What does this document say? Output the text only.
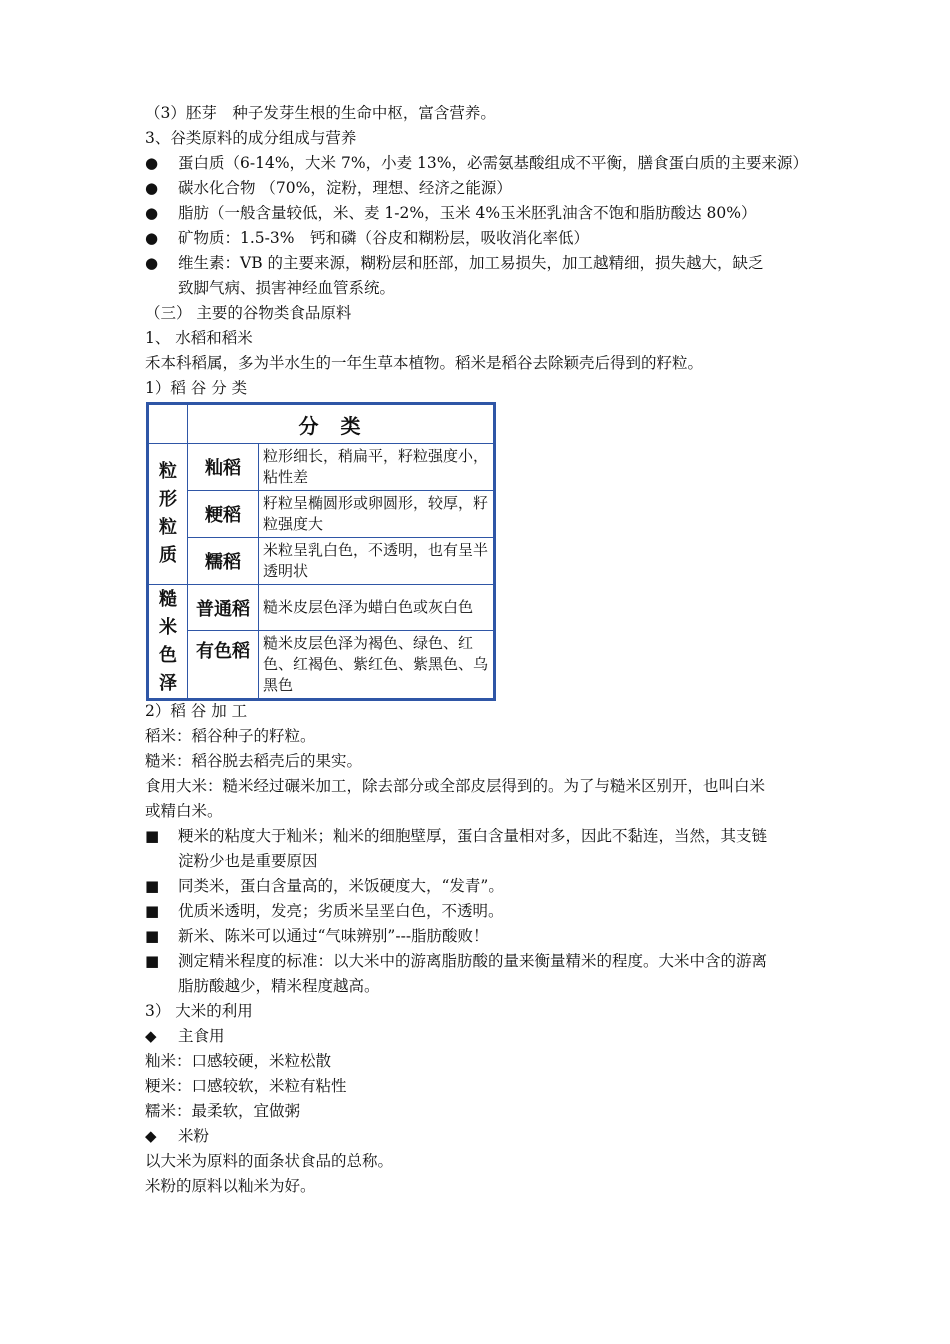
（3）胚芽　种子发芽生根的生命中枢，富含营养。
3、谷类原料的成分组成与营养
● 蛋白质（6-14%，大米 7%，小麦 13%，必需氨基酸组成不平衡，膳食蛋白质的主要来源）
● 碳水化合物 （70%，淀粉，理想、经济之能源）
● 脂肪（一般含量较低，米、麦 1-2%，玉米 4%玉米胚乳油含不饱和脂肪酸达 80%）
● 矿物质：1.5-3%　钙和磷（谷皮和糊粉层，吸收消化率低）
● 维生素：VB 的主要来源，糊粉层和胚部，加工易损失，加工越精细，损失越大，缺乏
致脚气病、损害神经血管系统。
（三） 主要的谷物类食品原料
1、 水稻和稻米
禾本科稻属，多为半水生的一年生草本植物。稻米是稻谷去除颖壳后得到的籽粒。
1）稻 谷 分 类
	分类	
粒形粒质	籼稻	粒形细长，稍扁平，籽粒强度小，粘性差
	粳稻	籽粒呈椭圆形或卵圆形，较厚，籽粒强度大
	糯稻	米粒呈乳白色，不透明，也有呈半透明状
糙米色泽	普通稻	糙米皮层色泽为蜡白色或灰白色
	有色稻	糙米皮层色泽为褐色、绿色、红色、红褐色、紫红色、紫黑色、乌黑色
2）稻 谷 加 工
稻米：稻谷种子的籽粒。
糙米：稻谷脱去稻壳后的果实。
食用大米：糙米经过碾米加工，除去部分或全部皮层得到的。为了与糙米区别开，也叫白米
或精白米。
■ 粳米的粘度大于籼米；籼米的细胞壁厚，蛋白含量相对多，因此不黏连，当然，其支链
淀粉少也是重要原因
■ 同类米，蛋白含量高的，米饭硬度大，“发青”。
■ 优质米透明，发亮；劣质米呈垩白色，不透明。
■ 新米、陈米可以通过“气味辨别”---脂肪酸败！
■ 测定精米程度的标准：以大米中的游离脂肪酸的量来衡量精米的程度。大米中含的游离
脂肪酸越少，精米程度越高。
3） 大米的利用
◆ 主食用
籼米：口感较硬，米粒松散
粳米：口感较软，米粒有粘性
糯米：最柔软，宜做粥
◆ 米粉
以大米为原料的面条状食品的总称。
米粉的原料以籼米为好。
